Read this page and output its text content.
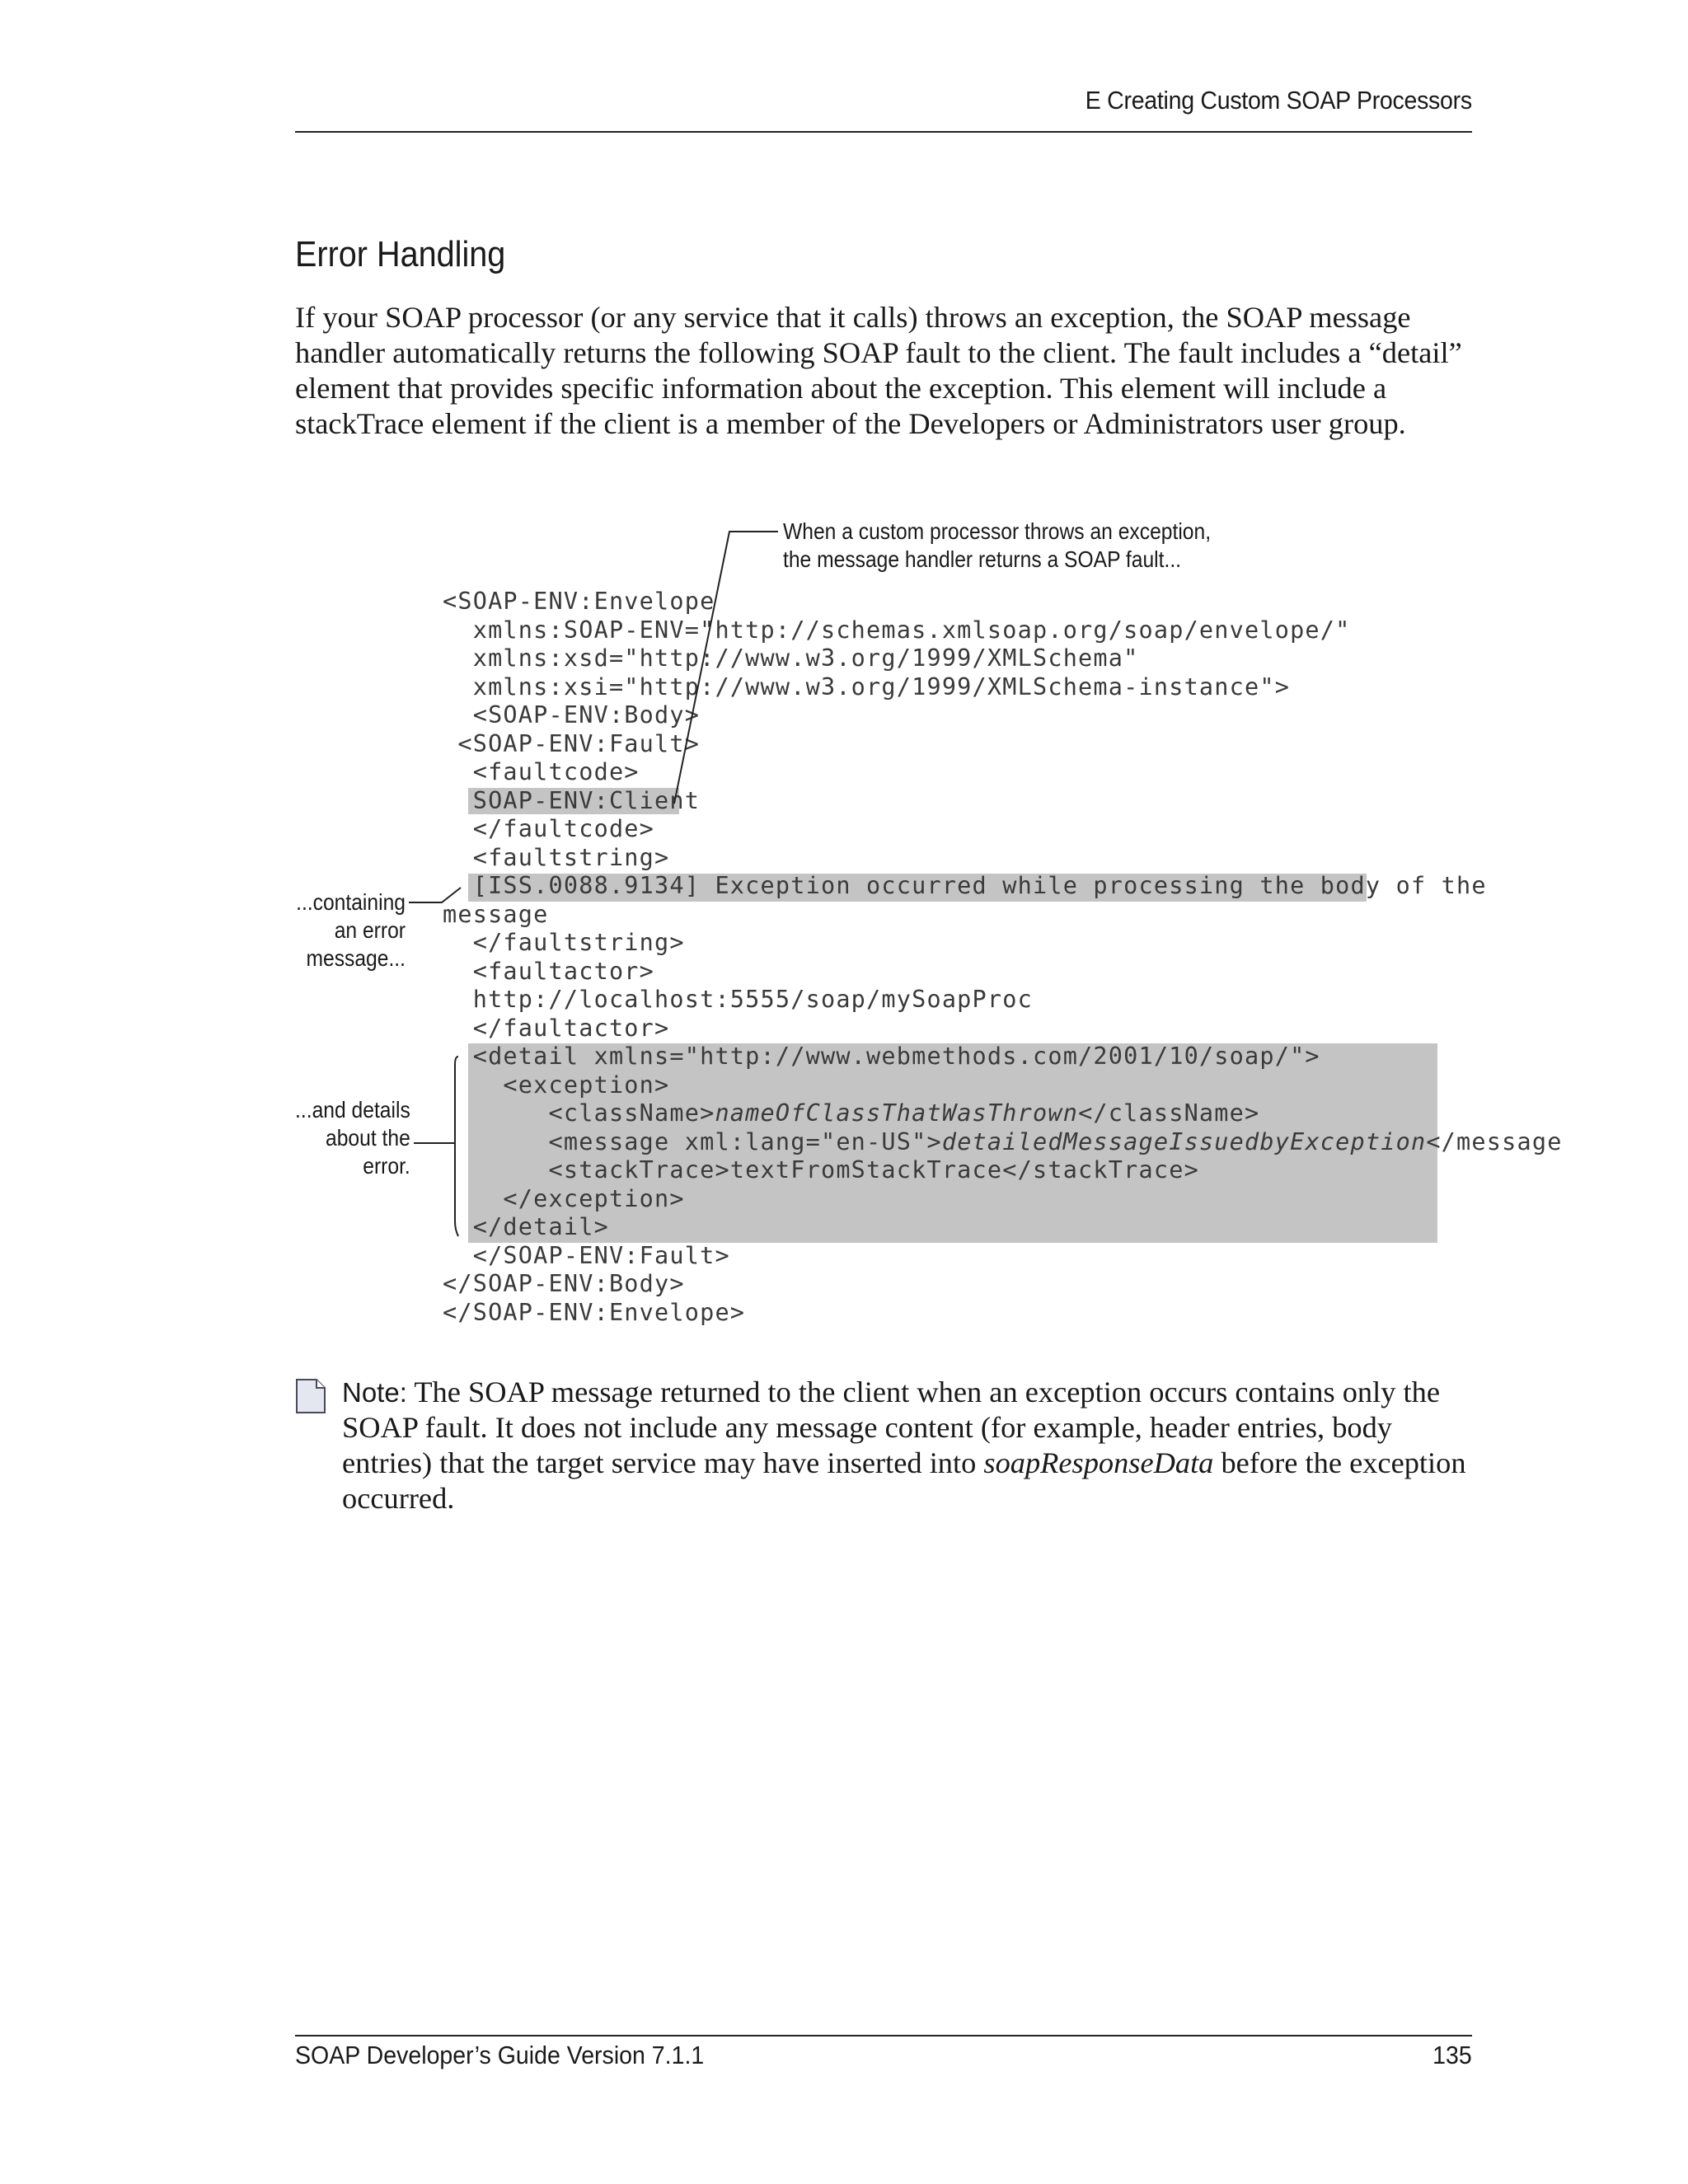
E Creating Custom SOAP Processors
Error Handling

If your SOAP processor (or any service that it calls) throws an exception, the SOAP message handler automatically returns the following SOAP fault to the client. The fault includes a “detail” element that provides specific information about the exception. This element will include a stackTrace element if the client is a member of the Developers or Administrators user group.

<SOAP-ENV:Envelope
xmlns:SOAP-ENV="http://schemas.xmlsoap.org/soap/envelope/"
xmlns:xsd="http://www.w3.org/1999/XMLSchema"
xmlns:xsi="http://www.w3.org/1999/XMLSchema-instance">
<SOAP-ENV:Body>
<SOAP-ENV:Fault>
<faultcode>
SOAP-ENV:Client
</faultcode>
<faultstring>
[ISS.0088.9134] Exception occurred while processing the body of the
message
</faultstring>
<faultactor>
http://localhost:5555/soap/mySoapProc
</faultactor>
<detail xmlns="http://www.webmethods.com/2001/10/soap/">
<exception>
<className>nameOfClassThatWasThrown</className>
<message xml:lang="en-US">detailedMessageIssuedbyException</message
<stackTrace>textFromStackTrace</stackTrace>
</exception>
</detail>
</SOAP-ENV:Fault>
</SOAP-ENV:Body>
</SOAP-ENV:Envelope>
When a custom processor throws an exception,
the message handler returns a SOAP fault...
...containing
an error
message...
...and details
about the
error.

Note: The SOAP message returned to the client when an exception occurs contains only the SOAP fault. It does not include any message content (for example, header entries, body entries) that the target service may have inserted into soapResponseData before the exception occurred.

SOAP Developer’s Guide Version 7.1.1	135
